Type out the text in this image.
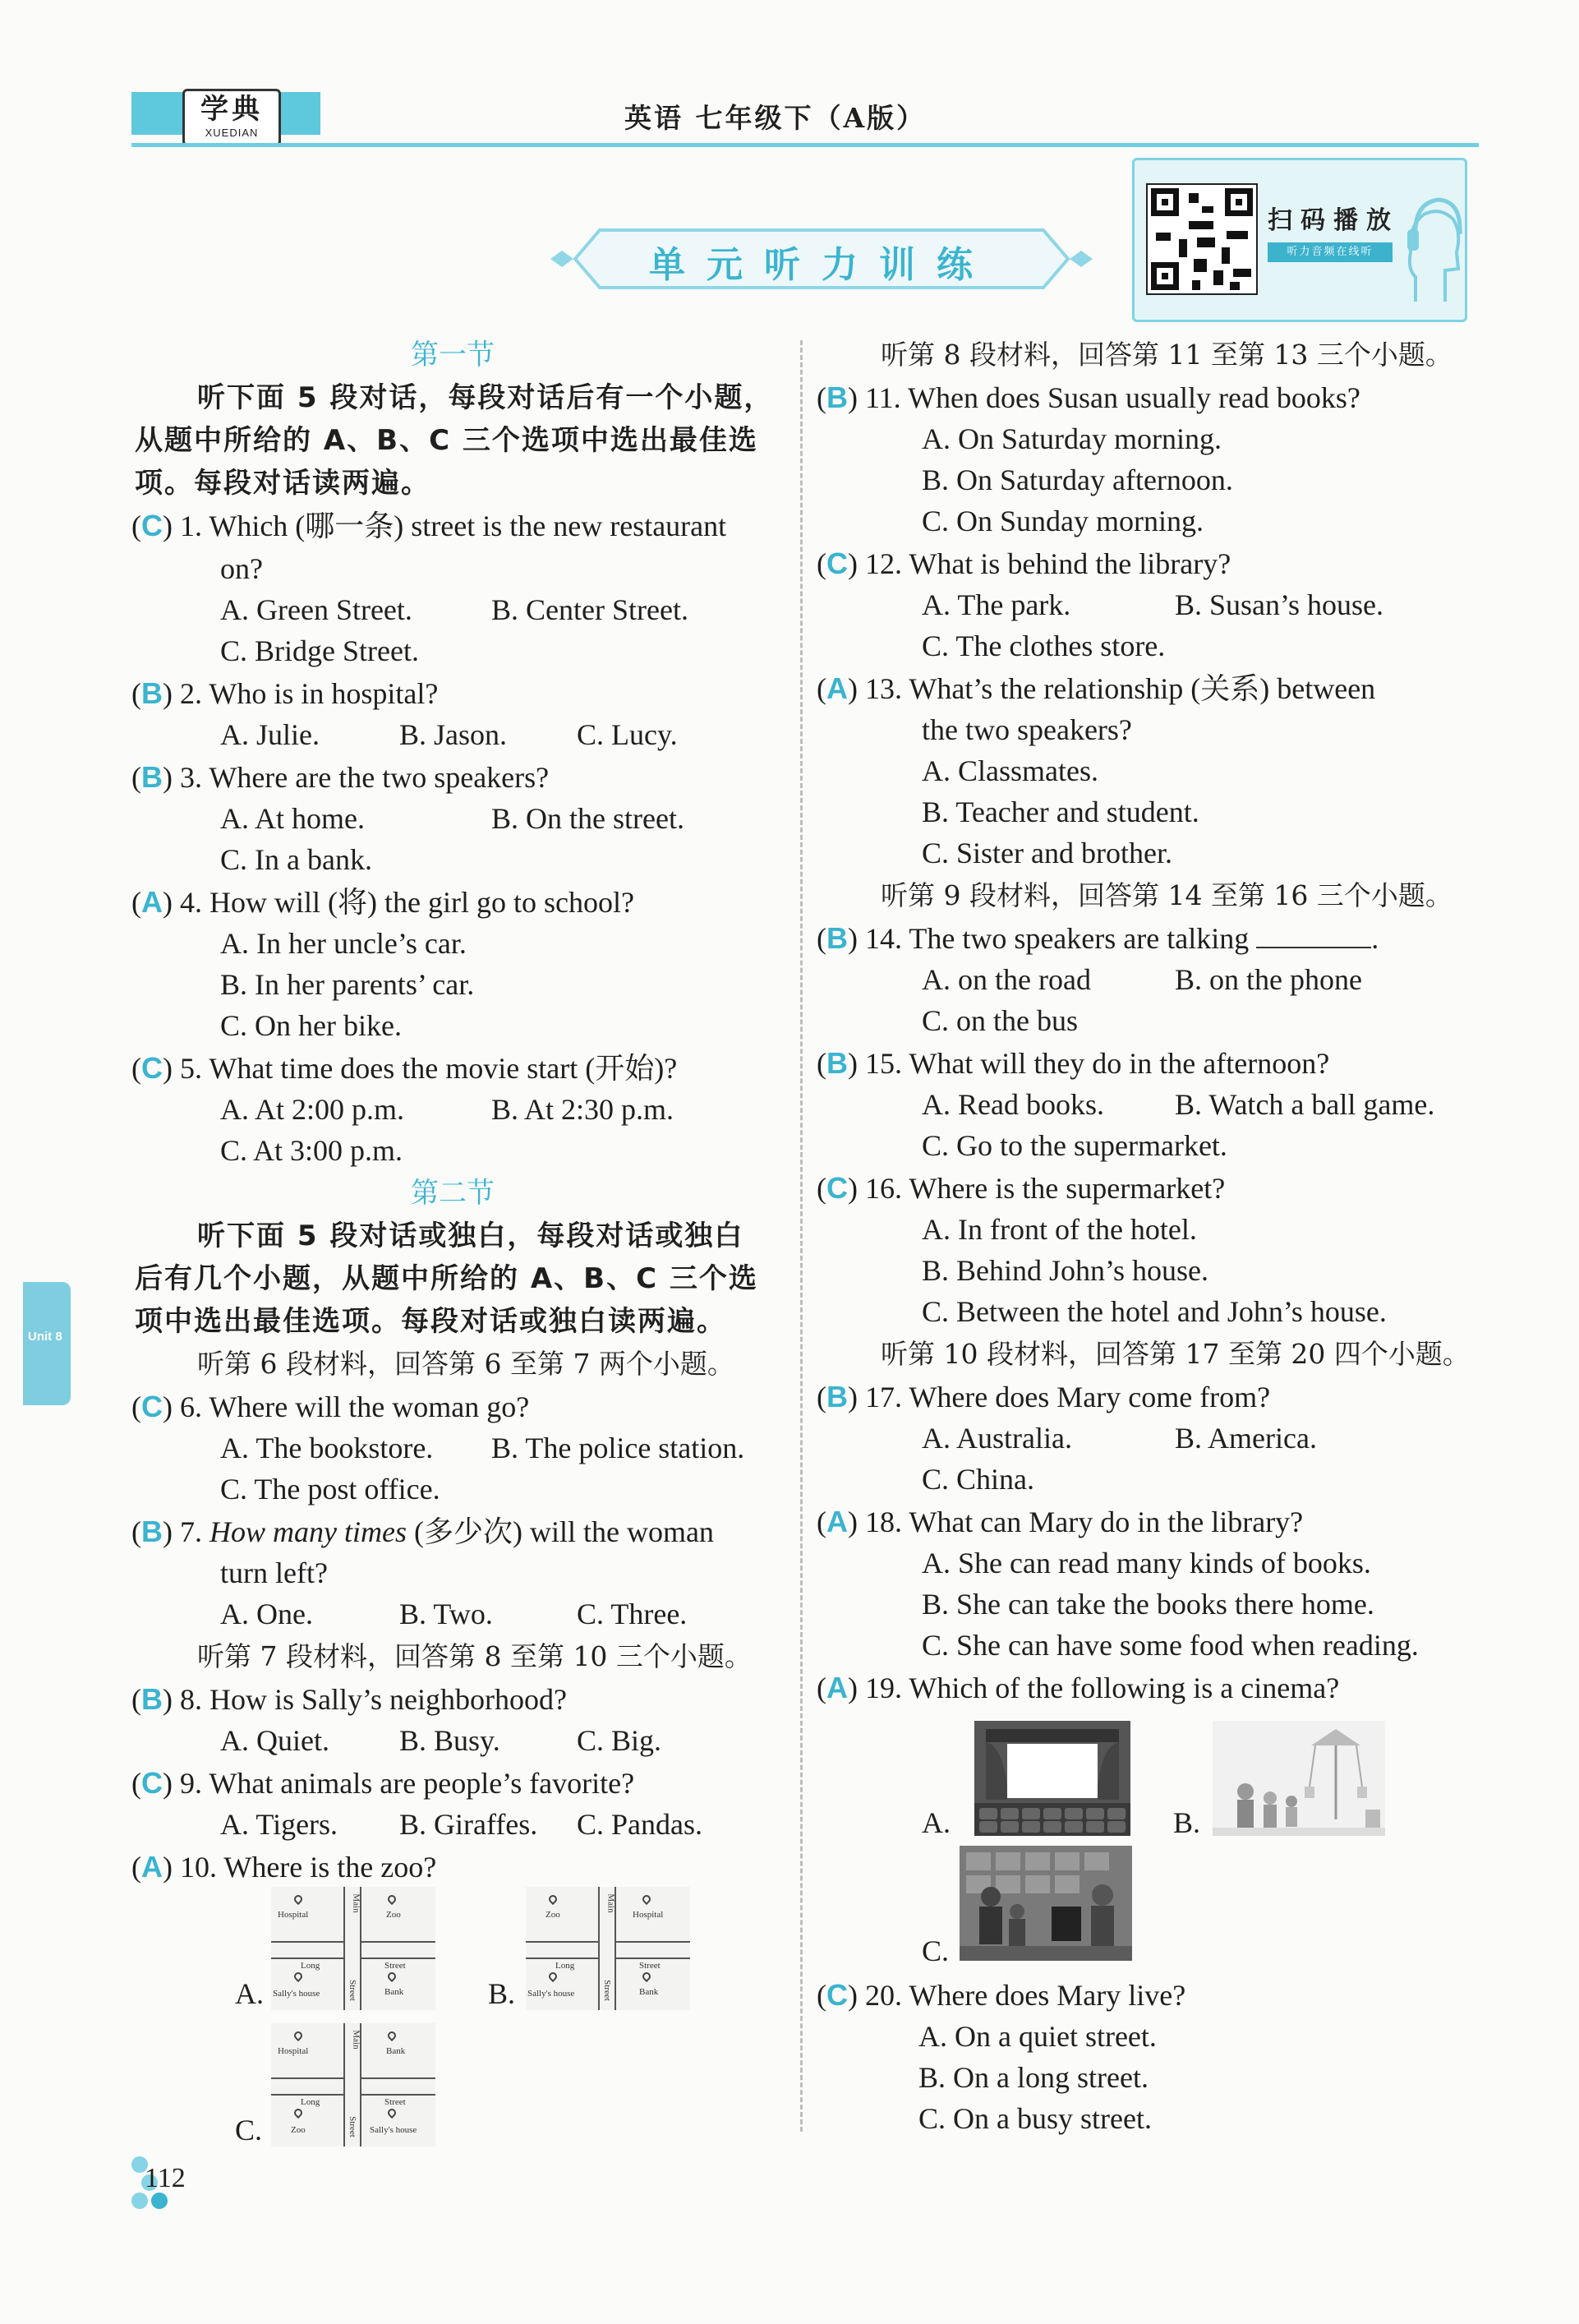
学典
XUEDIAN	英语 七年级下（A版）
单元听力训练
扫码播放
听力音频在线听
Unit 8
第一节
听下面 5 段对话，每段对话后有一个小题，
从题中所给的 A、B、C 三个选项中选出最佳选
项。每段对话读两遍。
(C) 1. Which (哪一条) street is the new restaurant
on?
A. Green Street.	B. Center Street.
C. Bridge Street.
(B) 2. Who is in hospital?
A. Julie.	B. Jason. C. Lucy.
(B) 3. Where are the two speakers?
A. At home.	B. On the street.
C. In a bank.
(A) 4. How will (将) the girl go to school?
A. In her uncle’s car.
B. In her parents’ car.
C. On her bike.
(C) 5. What time does the movie start (开始)?
A. At 2:00 p.m.	B. At 2:30 p.m.
C. At 3:00 p.m.
第二节
听下面 5 段对话或独白，每段对话或独白
后有几个小题，从题中所给的 A、B、C 三个选
项中选出最佳选项。每段对话或独白读两遍。
听第 6 段材料，回答第 6 至第 7 两个小题。
(C) 6. Where will the woman go?
A. The bookstore. B. The police station.
C. The post office.
(B) 7. How many times (多少次) will the woman
turn left?
A. One.	B. Two.	C. Three.
听第 7 段材料，回答第 8 至第 10 三个小题。
(B) 8. How is Sally’s neighborhood?
A. Quiet. B. Busy.	C. Big.
(C) 9. What animals are people’s favorite?
A. Tigers. B. Giraffes. C. Pandas.
(A) 10. Where is the zoo?
A.	B.
C.
Long	Street
Main
Street
Hospital	Zoo
Sally's house	Bank
Long	Street
Main
Street
Zoo	Hospital
Sally's house	Bank
Long	Street
Main
Street
Hospital	Bank
Zoo	Sally's house
听第 8 段材料，回答第 11 至第 13 三个小题。
(B) 11. When does Susan usually read books?
A. On Saturday morning.
B. On Saturday afternoon.
C. On Sunday morning.
(C) 12. What is behind the library?
A. The park.	B. Susan’s house.
C. The clothes store.
(A) 13. What’s the relationship (关系) between
the two speakers?
A. Classmates.
B. Teacher and student.
C. Sister and brother.
听第 9 段材料，回答第 14 至第 16 三个小题。
(B) 14. The two speakers are talking	.
A. on the road	B. on the phone
C. on the bus
(B) 15. What will they do in the afternoon?
A. Read books. B. Watch a ball game.
C. Go to the supermarket.
(C) 16. Where is the supermarket?
A. In front of the hotel.
B. Behind John’s house.
C. Between the hotel and John’s house.
听第 10 段材料，回答第 17 至第 20 四个小题。
(B) 17. Where does Mary come from?
A. Australia.	B. America.
C. China.
(A) 18. What can Mary do in the library?
A. She can read many kinds of books.
B. She can take the books there home.
C. She can have some food when reading.
(A) 19. Which of the following is a cinema?
A.	B.
C.
(C) 20. Where does Mary live?
A. On a quiet street.
B. On a long street.
C. On a busy street.
112
